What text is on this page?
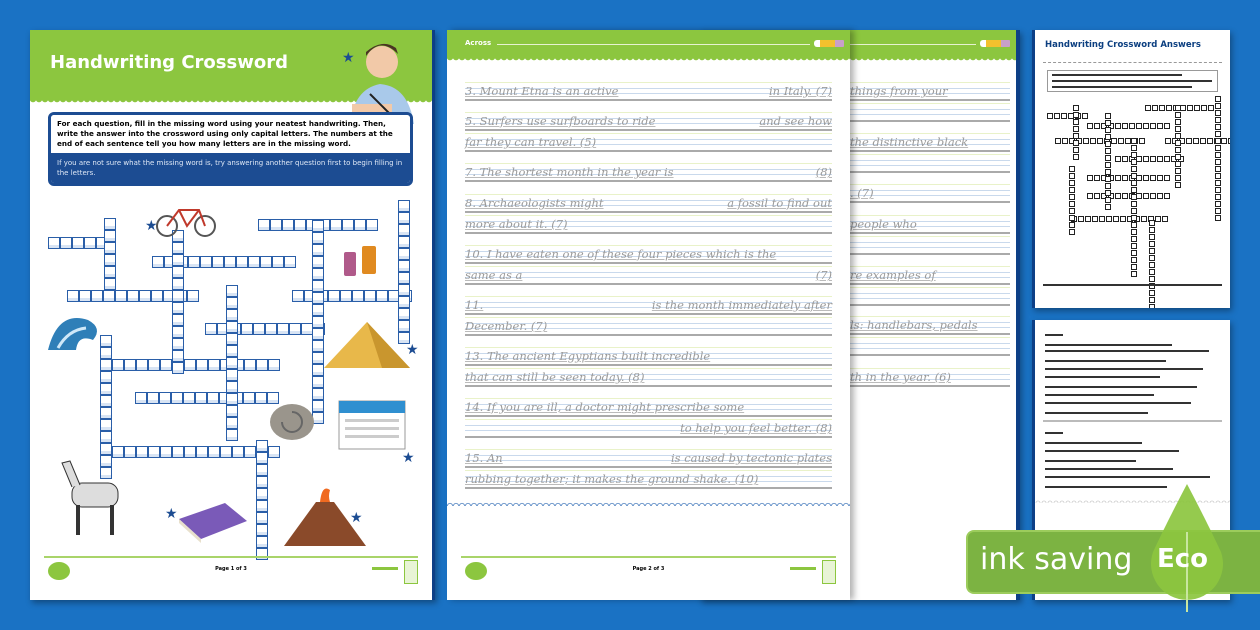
Handwriting Crossword	★
For each question, fill in the missing word using your neatest handwriting. Then, write the answer into the crossword using only capital letters. The numbers at the end of each sentence tell you how many letters are in the missing word.
If you are not sure what the missing word is, try answering another question first to begin filling in the letters.
★
★
★
★	★
Page 1 of 3
things from your
the distinctive black
. (7)
people who
re examples of
ls: handlebars, pedals
th in the year. (6)
Across
3. Mount Etna is an active	in Italy. (7)
5. Surfers use surfboards to ride	and see how
far they can travel. (5)
7. The shortest month in the year is	(8)
8. Archaeologists might	a fossil to find out
more about it. (7)
10. I have eaten one of these four pieces which is the
same as a	(7)
11.	is the month immediately after
December. (7)
13. The ancient Egyptians built incredible
that can still be seen today. (8)
14. If you are ill, a doctor might prescribe some
to help you feel better. (8)
15. An	is caused by tectonic plates
rubbing together; it makes the ground shake. (10)
Page 2 of 3
Handwriting Crossword Answers
ink saving Eco
